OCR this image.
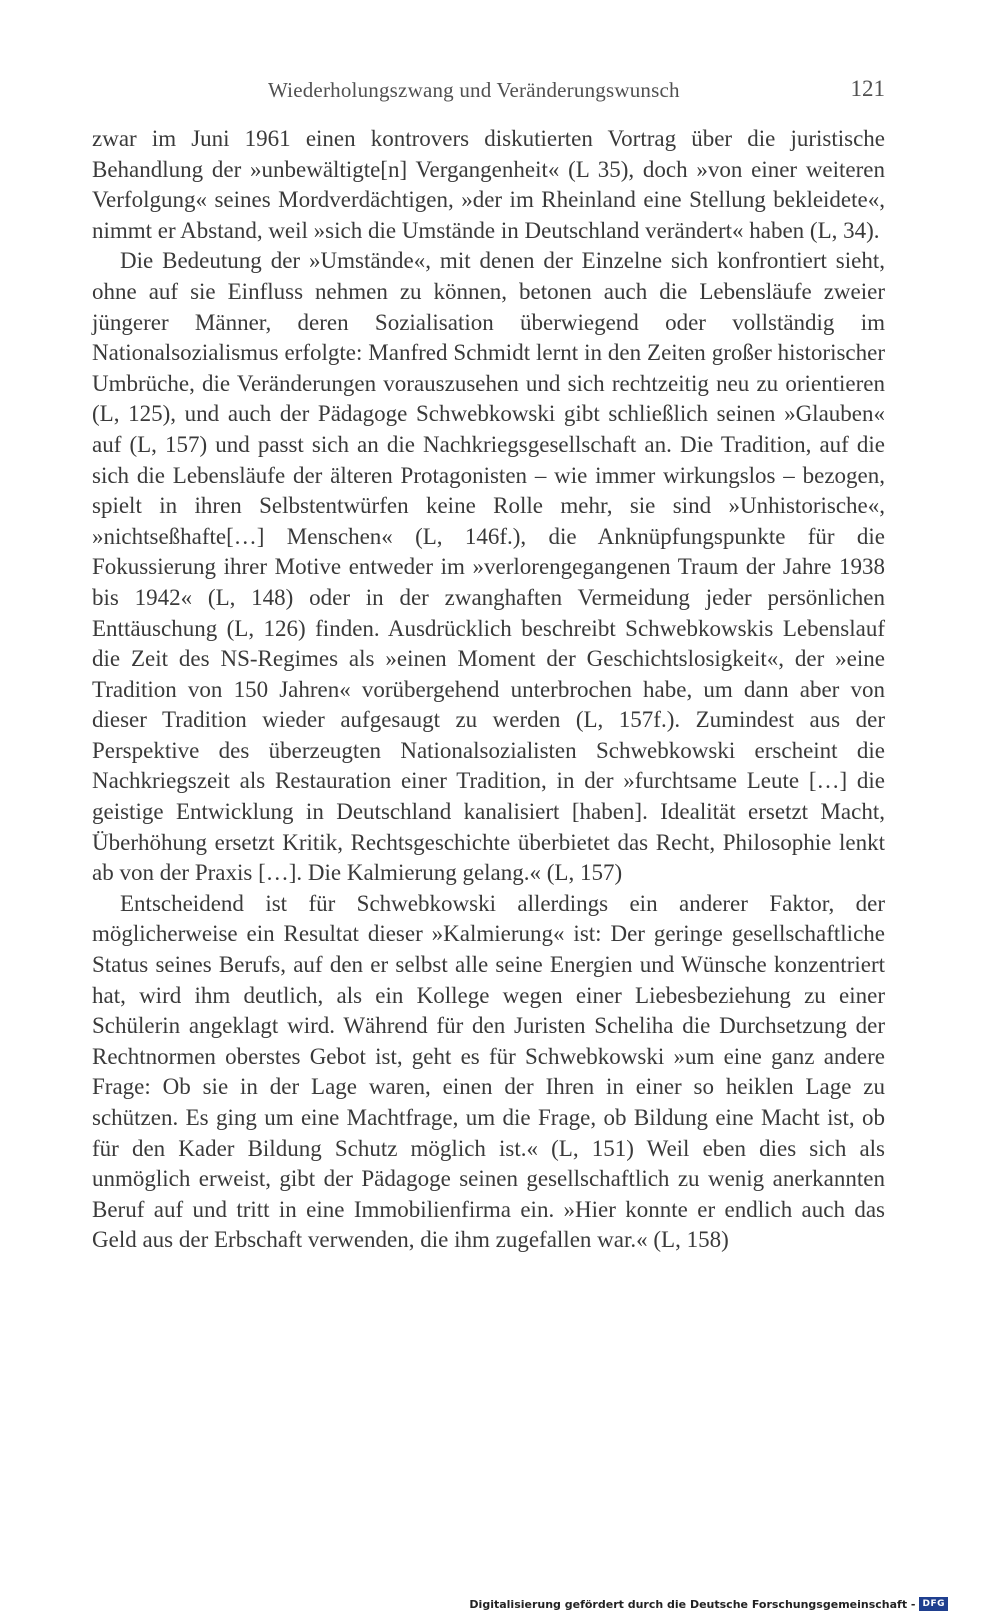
Wiederholungszwang und Veränderungswunsch	121

zwar im Juni 1961 einen kontrovers diskutierten Vortrag über die juristische Behandlung der »unbewältigte[n] Vergangenheit« (L 35), doch »von einer weiteren Verfolgung« seines Mordverdächtigen, »der im Rheinland eine Stellung bekleidete«, nimmt er Abstand, weil »sich die Umstände in Deutschland verändert« haben (L, 34).

Die Bedeutung der »Umstände«, mit denen der Einzelne sich konfrontiert sieht, ohne auf sie Einfluss nehmen zu können, betonen auch die Lebensläufe zweier jüngerer Männer, deren Sozialisation überwiegend oder vollständig im Nationalsozialismus erfolgte: Manfred Schmidt lernt in den Zeiten großer historischer Umbrüche, die Veränderungen vorauszusehen und sich rechtzeitig neu zu orientieren (L, 125), und auch der Pädagoge Schwebkowski gibt schließlich seinen »Glauben« auf (L, 157) und passt sich an die Nachkriegsgesellschaft an. Die Tradition, auf die sich die Lebensläufe der älteren Protagonisten – wie immer wirkungslos – bezogen, spielt in ihren Selbstentwürfen keine Rolle mehr, sie sind »Unhistorische«, »nichtseßhafte[…] Menschen« (L, 146f.), die Anknüpfungspunkte für die Fokussierung ihrer Motive entweder im »verlorengegangenen Traum der Jahre 1938 bis 1942« (L, 148) oder in der zwanghaften Vermeidung jeder persönlichen Enttäuschung (L, 126) finden. Ausdrücklich beschreibt Schwebkowskis Lebenslauf die Zeit des NS-Regimes als »einen Moment der Geschichtslosigkeit«, der »eine Tradition von 150 Jahren« vorübergehend unterbrochen habe, um dann aber von dieser Tradition wieder aufgesaugt zu werden (L, 157f.). Zumindest aus der Perspektive des überzeugten Nationalsozialisten Schwebkowski erscheint die Nachkriegszeit als Restauration einer Tradition, in der »furchtsame Leute […] die geistige Entwicklung in Deutschland kanalisiert [haben]. Idealität ersetzt Macht, Überhöhung ersetzt Kritik, Rechtsgeschichte überbietet das Recht, Philosophie lenkt ab von der Praxis […]. Die Kalmierung gelang.« (L, 157)

Entscheidend ist für Schwebkowski allerdings ein anderer Faktor, der möglicherweise ein Resultat dieser »Kalmierung« ist: Der geringe gesellschaftliche Status seines Berufs, auf den er selbst alle seine Energien und Wünsche konzentriert hat, wird ihm deutlich, als ein Kollege wegen einer Liebesbeziehung zu einer Schülerin angeklagt wird. Während für den Juristen Scheliha die Durchsetzung der Rechtnormen oberstes Gebot ist, geht es für Schwebkowski »um eine ganz andere Frage: Ob sie in der Lage waren, einen der Ihren in einer so heiklen Lage zu schützen. Es ging um eine Machtfrage, um die Frage, ob Bildung eine Macht ist, ob für den Kader Bildung Schutz möglich ist.« (L, 151) Weil eben dies sich als unmöglich erweist, gibt der Pädagoge seinen gesellschaftlich zu wenig anerkannten Beruf auf und tritt in eine Immobilienfirma ein. »Hier konnte er endlich auch das Geld aus der Erbschaft verwenden, die ihm zugefallen war.« (L, 158)

Digitalisierung gefördert durch die Deutsche Forschungsgemeinschaft - DFG
